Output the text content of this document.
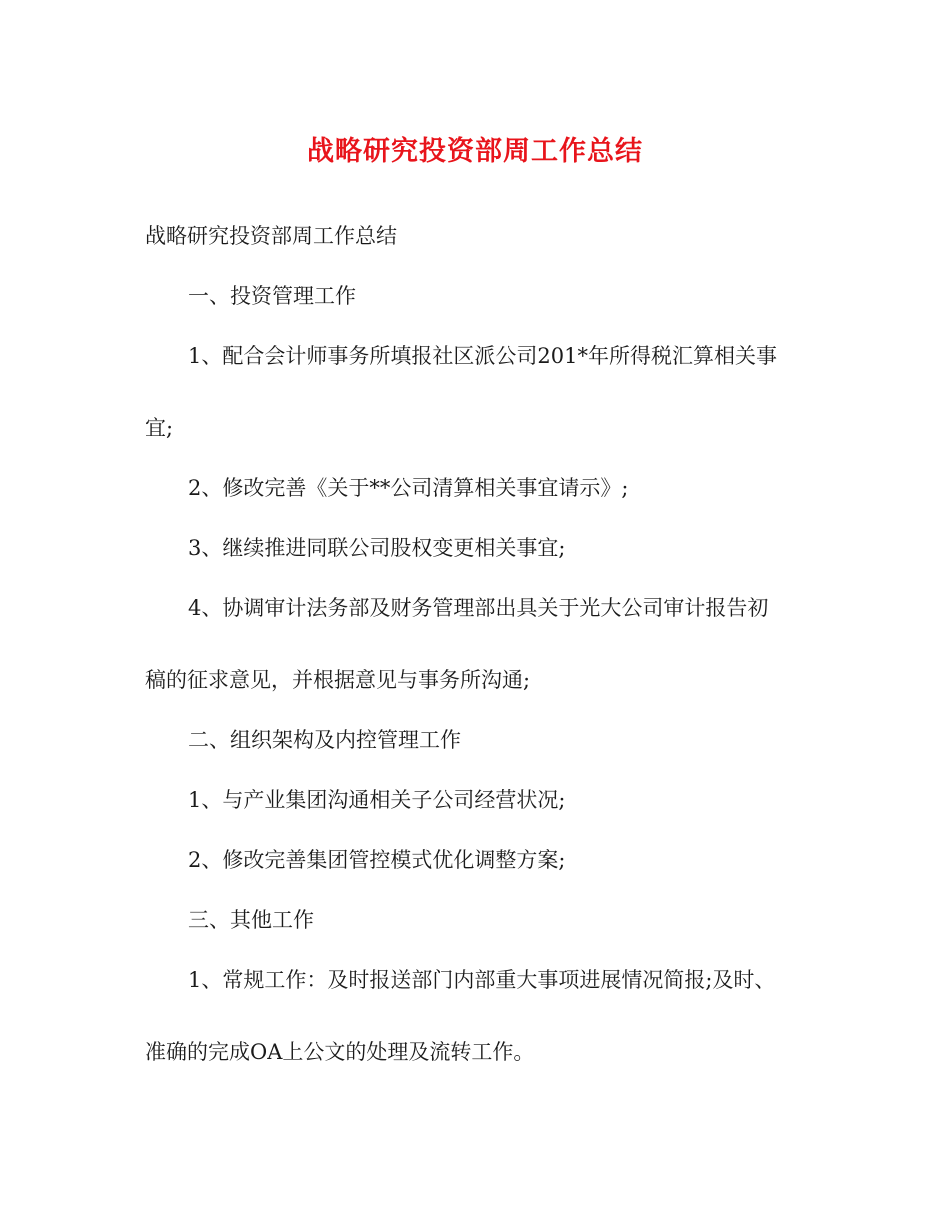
战略研究投资部周工作总结

战略研究投资部周工作总结

一、投资管理工作

1、配合会计师事务所填报社区派公司201*年所得税汇算相关事

宜;

2、修改完善《关于**公司清算相关事宜请示》;

3、继续推进同联公司股权变更相关事宜;

4、协调审计法务部及财务管理部出具关于光大公司审计报告初

稿的征求意见，并根据意见与事务所沟通;

二、组织架构及内控管理工作

1、与产业集团沟通相关子公司经营状况;

2、修改完善集团管控模式优化调整方案;

三、其他工作

1、常规工作：及时报送部门内部重大事项进展情况简报;及时、

准确的完成OA上公文的处理及流转工作。
